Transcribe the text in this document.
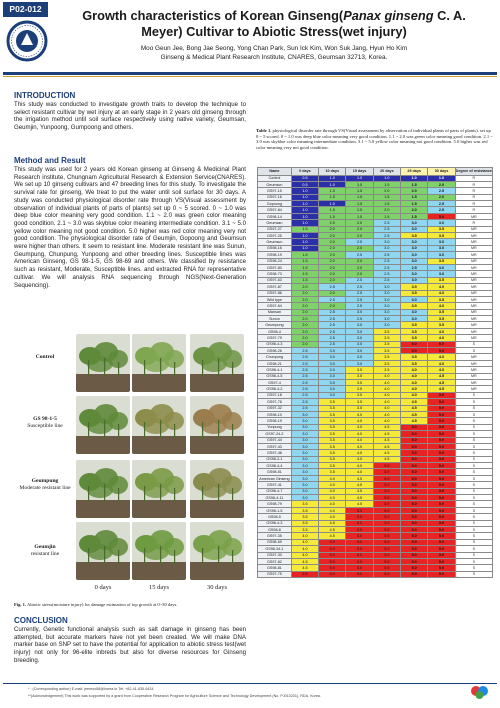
P02-012	Growth characteristics of Korean Ginseng(Panax ginseng C. A.
Meyer) Cultivar to Abiotic Stress(wet injury)
Moo Geun Jee, Bong Jae Seong, Yong Chan Park, Sun Ick Kim, Won Suk Jang, Hyun Ho Kim
Ginseng & Medical Plant Research Institute, CNARES, Geumsan 32713, Korea.
INTRODUCTION
This study was conducted to investigate growth traits to develop the technique to select resistant cultivar by wet injury at an early stage in 2 years old ginseng through the irrigation method until soil surface respectively using native variety, Geumsan, Geumjin, Yunpoong, Gumpoong and others.
Method and Result
This study was used for 2 years old Korean ginseng at Ginseng & Medicinal Plant Research institute, Chungnam Agricultural Research & Extension Service(CNARES). We set up 10 ginseng cultivars and 47 breeding lines for this study. To investigate the survival rate for ginseng, We treat to put the water until soil surface for 30 days. A study was conducted physiological disorder rate through VS(Visual assessment by observation of individual plants of parts of plants) set up 0 ~ 5 scored. 0 ~ 1.0 was deep blue color meaning very good condition. 1.1 ~ 2.0 was green color meaning good condition. 2.1 ~ 3.0 was skyblue color meaning intermediate condition. 3.1 ~ 5.0 yellow color meaning not good condition. 5.0 higher was red color meaning very not good condition. The physiological disorder rate of Geumjin, Gopoong and Geumsun were higher than others. It seem to resistant line. Moderate resistant line was Sunun, Geumpung, Chunpung, Yunpoong and other breeding lines. Susceptible lines was American Ginseng, GS 98-1-5, GS 98-69 and others. We classified by resistance such as resistant, Moderate, Susceptible lines. and extracted RNA for representative cultivar. We will analysis RNA sequencing through NGS(Next-Generation Sequencing).
Control
GS 98-1-5
Susceptible line
Geumpung
Moderate resistant line
Geumjin
resistant line
0 days	15 days	30 days
Fig. 1. Abiotic stress(moisture injury) for damage estimation of top growth at 0~30 days.
CONCLUSION
Currently, Genetic functional analysis such as salt damage in ginseng has been attempted, but accurate markers have not yet been created. We will make DNA marker base on SNP set to have the potential for application to abiotic stress test(wet injury) not only for 96-elite inbreds but also for diverse resources for Ginseng breeding.
Table 1. physiological disorder rate through VS(Visual assessment by observation of individual plants of parts of plants). set up 0 ~ 5 scored. 0 ~ 1.0 was deep blue color meaning very good condition. 1.1 ~ 2.0 was green color meaning good condition. 2.1 ~ 3.0 was skyblue color meaning intermediate condition. 3.1 ~ 5.0 yellow color meaning not good condition. 5.0 higher was red color meaning very not good condition.
Name	0 days	10 days	15 days	20 days	25 days	30 days	Degree of resistance
Control	0.5	1.0	1.0	1.0	1.0	1.0	R
Geumsun	0.5	1.0	1.5	1.5	1.5	2.0	R
GS97-15	1.0	1.5	1.5	2.0	2.0	2.5	R
GS97-16	1.0	1.5	1.5	1.5	1.5	2.0	R
Gopoong	1.0	1.0	1.5	1.5	1.5	2.5	R
GS97-84	1.0	1.5	1.5	2.0	2.0	2.5	R
GS98-14	1.0	1.5	1.5	1.5	1.5	5.0	MR
Geumsan	1.0	2.0	2.0	2.5	3.0	3.0	R
GS97-27	1.5	2.0	2.0	2.5	3.0	3.5	MR
GS97-25	1.0	2.0	2.0	2.5	3.5	3.5	MR
Geumsun	1.0	2.0	2.5	3.0	3.0	3.0	MR
GS98-16	1.0	2.0	2.0	3.0	3.0	3.0	MR
GS98-19	1.5	2.0	2.5	2.5	3.0	3.0	MR
GS98-24	1.5	2.0	2.0	2.5	3.0	3.5	MR
GS97-80	1.5	2.0	2.0	2.5	2.5	3.0	MR
GS98-73	1.5	2.0	2.0	2.5	3.0	3.0	MR
GS97-63	1.5	2.0	2.5	2.5	3.0	3.5	MR
GS97-87	2.0	2.5	2.5	3.0	3.5	4.0	MR
GS97-86	2.0	2.0	2.5	3.0	3.5	4.0	MR
Wild type	2.0	2.5	2.5	3.0	3.0	3.5	MR
GS97-64	2.0	2.0	2.5	3.0	3.5	4.0	MR
Mansan	2.0	2.5	3.0	3.0	3.0	3.5	MR
Sunun	2.0	2.5	2.5	3.0	3.0	3.5	MR
Geumpung	2.0	2.5	3.0	3.0	3.5	3.5	MR
GS98-4	2.0	2.5	3.0	3.5	3.5	4.0	MR
GS97-79	2.0	2.5	3.0	3.5	3.5	4.0	MR
GS98-4-3	2.0	2.5	3.0	3.5	5.0	5.0	S
GS98-26	2.5	3.0	3.0	3.5	5.0	5.0	S
Chunpung	2.5	3.0	3.0	3.5	3.5	4.0	MR
GS98-21	2.5	3.0	3.0	3.5	3.5	4.0	MR
GS98-4-1	2.5	3.0	3.5	3.5	4.0	4.0	MR
GS98-4-5	2.5	3.0	3.5	4.0	4.0	4.5	MR
GS97-4	2.5	3.0	3.5	4.0	4.0	4.5	MR
GS98-4-2	2.5	3.0	3.5	4.0	4.0	4.5	MR
GS97-18	2.5	3.0	3.5	4.0	4.0	5.0	S
GS97-76	2.5	3.5	3.5	4.0	4.5	5.0	S
GS97-32	2.5	3.5	3.5	4.0	4.5	5.0	S
GS98-10	3.0	3.5	4.0	4.0	4.5	5.0	S
GS98-19	3.0	3.5	4.0	4.0	4.5	5.0	S
Yunpung	3.0	3.5	4.0	4.5	5.0	5.0	S
GS97-24-2	3.0	3.5	4.0	4.5	5.0	5.0	S
GS97-44	3.0	3.5	4.0	4.5	5.0	5.0	S
GS97-43	3.0	3.5	4.0	4.5	5.0	5.0	S
GS97-48	3.0	3.5	4.0	4.5	5.0	5.0	S
GS98-3-1	3.0	3.5	4.0	4.5	5.0	5.0	S
GS98-4-4	3.0	3.5	4.0	5.0	5.0	5.0	S
GS98-51	3.0	3.5	4.0	5.0	5.0	5.0	S
American Ginseng	3.0	4.0	4.5	5.0	5.0	5.0	S
GS97-41	3.0	4.0	4.5	5.0	5.0	5.0	S
GS98-4-7	3.0	4.0	4.5	5.0	5.0	5.0	S
GS98-4-11	3.0	4.0	4.5	5.0	5.0	5.0	S
GS98-79	3.5	4.0	4.5	5.0	5.0	5.0	S
GS98-1-5	3.5	4.0	5.0	5.0	5.0	5.0	S
GS98-5	3.5	4.0	5.0	5.0	5.0	5.0	S
GS98-4-3	3.5	4.5	5.0	5.0	5.0	5.0	S
GS98-8	3.5	4.5	5.0	5.0	5.0	5.0	S
GS97-35	4.0	4.5	5.0	5.0	5.0	5.0	S
GS98-69	4.0	5.0	5.0	5.0	5.0	5.0	S
GS98-34-1	4.0	5.0	5.0	5.0	5.0	5.0	S
GS97-30	4.0	5.0	5.0	5.0	5.0	5.0	S
GS97-82	4.5	5.0	5.0	5.0	5.0	5.0	S
GS98-81	4.5	5.0	5.0	5.0	5.0	5.0	S
GS97-75	5.0	5.0	5.0	5.0	5.0	5.0	S
* : (Corresponding author) E-mail: jeemoo58@korea.kr Tel: +82-41-635-6434
**(Acknowledgement) This work was supported by a grant from Cooperative Research Program for Agriculture Science and Technology Development (No. PJ010231), RDA, Korea.
